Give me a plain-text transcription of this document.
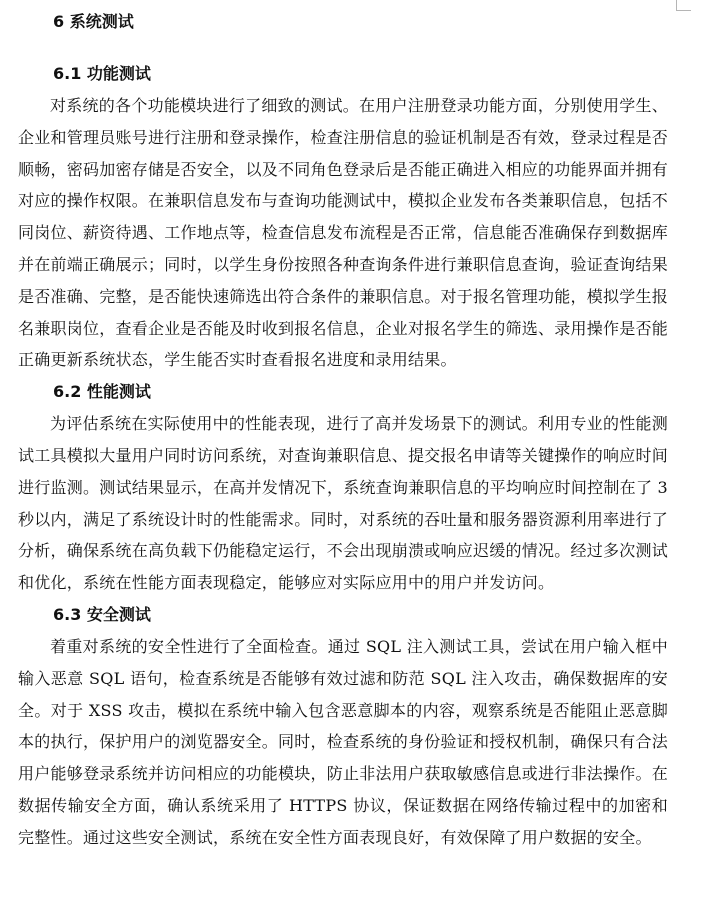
6 系统测试
6.1 功能测试

对系统的各个功能模块进行了细致的测试。在用户注册登录功能方面，分别使用学生、企业和管理员账号进行注册和登录操作，检查注册信息的验证机制是否有效，登录过程是否顺畅，密码加密存储是否安全，以及不同角色登录后是否能正确进入相应的功能界面并拥有对应的操作权限。在兼职信息发布与查询功能测试中，模拟企业发布各类兼职信息，包括不同岗位、薪资待遇、工作地点等，检查信息发布流程是否正常，信息能否准确保存到数据库并在前端正确展示；同时，以学生身份按照各种查询条件进行兼职信息查询，验证查询结果是否准确、完整，是否能快速筛选出符合条件的兼职信息。对于报名管理功能，模拟学生报名兼职岗位，查看企业是否能及时收到报名信息，企业对报名学生的筛选、录用操作是否能正确更新系统状态，学生能否实时查看报名进度和录用结果。

6.2 性能测试

为评估系统在实际使用中的性能表现，进行了高并发场景下的测试。利用专业的性能测试工具模拟大量用户同时访问系统，对查询兼职信息、提交报名申请等关键操作的响应时间进行监测。测试结果显示，在高并发情况下，系统查询兼职信息的平均响应时间控制在了 3 秒以内，满足了系统设计时的性能需求。同时，对系统的吞吐量和服务器资源利用率进行了分析，确保系统在高负载下仍能稳定运行，不会出现崩溃或响应迟缓的情况。经过多次测试和优化，系统在性能方面表现稳定，能够应对实际应用中的用户并发访问。

6.3 安全测试

着重对系统的安全性进行了全面检查。通过 SQL 注入测试工具，尝试在用户输入框中输入恶意 SQL 语句，检查系统是否能够有效过滤和防范 SQL 注入攻击，确保数据库的安全。对于 XSS 攻击，模拟在系统中输入包含恶意脚本的内容，观察系统是否能阻止恶意脚本的执行，保护用户的浏览器安全。同时，检查系统的身份验证和授权机制，确保只有合法用户能够登录系统并访问相应的功能模块，防止非法用户获取敏感信息或进行非法操作。在数据传输安全方面，确认系统采用了 HTTPS 协议，保证数据在网络传输过程中的加密和完整性。通过这些安全测试，系统在安全性方面表现良好，有效保障了用户数据的安全。
